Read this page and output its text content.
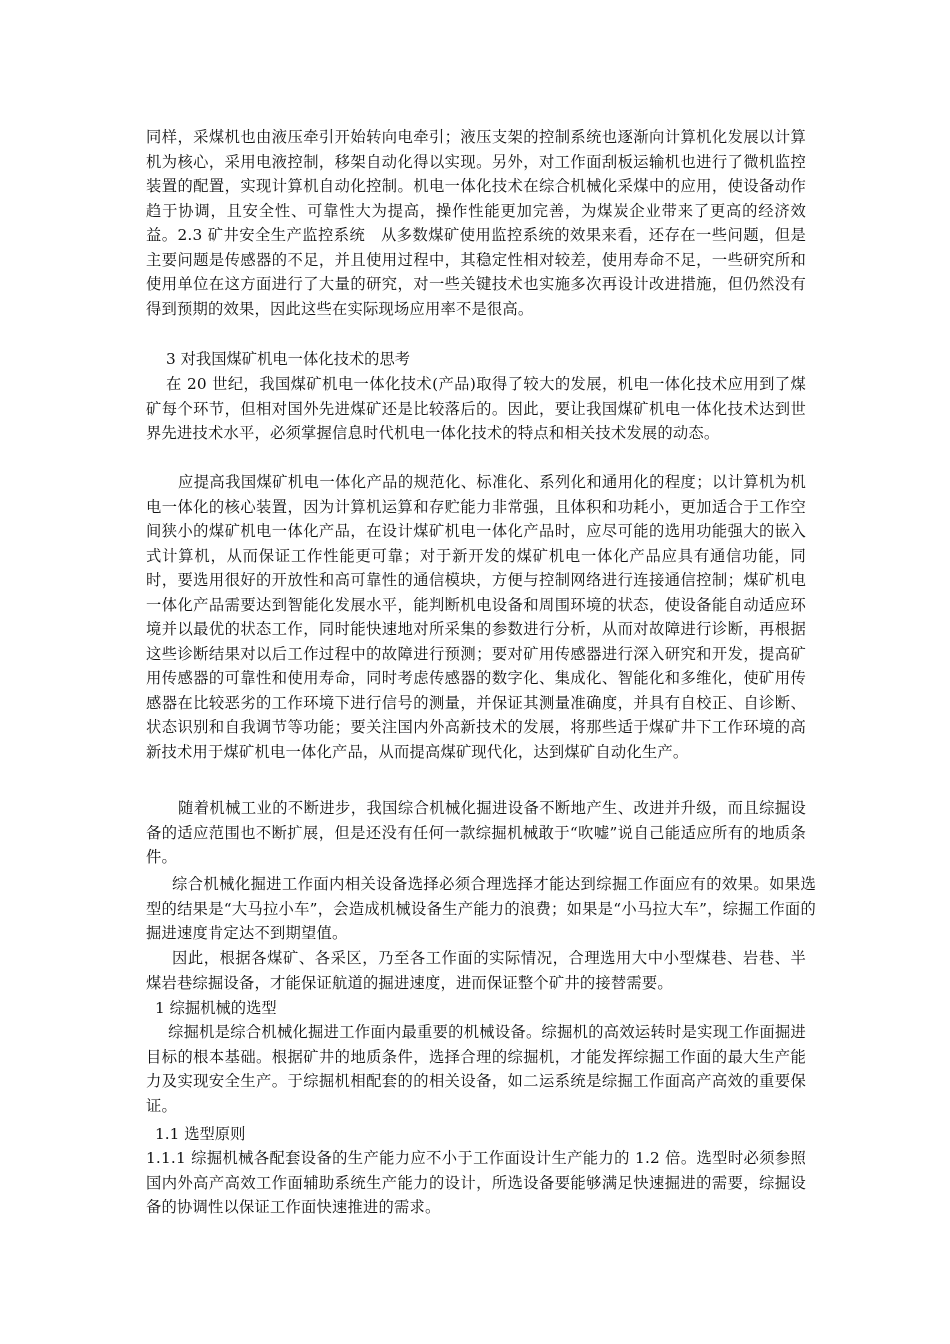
同样，采煤机也由液压牵引开始转向电牵引；液压支架的控制系统也逐渐向计算机化发展以计算机为核心，采用电液控制，移架自动化得以实现。另外，对工作面刮板运输机也进行了微机监控装置的配置，实现计算机自动化控制。机电一体化技术在综合机械化采煤中的应用，使设备动作趋于协调，且安全性、可靠性大为提高，操作性能更加完善，为煤炭企业带来了更高的经济效益。2.3 矿井安全生产监控系统　从多数煤矿使用监控系统的效果来看，还存在一些问题，但是主要问题是传感器的不足，并且使用过程中，其稳定性相对较差，使用寿命不足，一些研究所和使用单位在这方面进行了大量的研究，对一些关键技术也实施多次再设计改进措施，但仍然没有得到预期的效果，因此这些在实际现场应用率不是很高。

3 对我国煤矿机电一体化技术的思考

在 20 世纪，我国煤矿机电一体化技术(产品)取得了较大的发展，机电一体化技术应用到了煤矿每个环节，但相对国外先进煤矿还是比较落后的。因此，要让我国煤矿机电一体化技术达到世界先进技术水平，必须掌握信息时代机电一体化技术的特点和相关技术发展的动态。

应提高我国煤矿机电一体化产品的规范化、标准化、系列化和通用化的程度；以计算机为机电一体化的核心装置，因为计算机运算和存贮能力非常强，且体积和功耗小，更加适合于工作空间狭小的煤矿机电一体化产品，在设计煤矿机电一体化产品时，应尽可能的选用功能强大的嵌入式计算机，从而保证工作性能更可靠；对于新开发的煤矿机电一体化产品应具有通信功能，同时，要选用很好的开放性和高可靠性的通信模块，方便与控制网络进行连接通信控制；煤矿机电一体化产品需要达到智能化发展水平，能判断机电设备和周围环境的状态，使设备能自动适应环境并以最优的状态工作，同时能快速地对所采集的参数进行分析，从而对故障进行诊断，再根据这些诊断结果对以后工作过程中的故障进行预测；要对矿用传感器进行深入研究和开发，提高矿用传感器的可靠性和使用寿命，同时考虑传感器的数字化、集成化、智能化和多维化，使矿用传感器在比较恶劣的工作环境下进行信号的测量，并保证其测量准确度，并具有自校正、自诊断、状态识别和自我调节等功能；要关注国内外高新技术的发展，将那些适于煤矿井下工作环境的高新技术用于煤矿机电一体化产品，从而提高煤矿现代化，达到煤矿自动化生产。

随着机械工业的不断进步，我国综合机械化掘进设备不断地产生、改进并升级，而且综掘设备的适应范围也不断扩展，但是还没有任何一款综掘机械敢于“吹嘘”说自己能适应所有的地质条件。

综合机械化掘进工作面内相关设备选择必须合理选择才能达到综掘工作面应有的效果。如果选型的结果是“大马拉小车”，会造成机械设备生产能力的浪费；如果是“小马拉大车”，综掘工作面的掘进速度肯定达不到期望值。

因此，根据各煤矿、各采区，乃至各工作面的实际情况，合理选用大中小型煤巷、岩巷、半煤岩巷综掘设备，才能保证航道的掘进速度，进而保证整个矿井的接替需要。

1 综掘机械的选型

综掘机是综合机械化掘进工作面内最重要的机械设备。综掘机的高效运转时是实现工作面掘进目标的根本基础。根据矿井的地质条件，选择合理的综掘机，才能发挥综掘工作面的最大生产能力及实现安全生产。于综掘机相配套的的相关设备，如二运系统是综掘工作面高产高效的重要保证。

1.1 选型原则

1.1.1 综掘机械各配套设备的生产能力应不小于工作面设计生产能力的 1.2 倍。选型时必须参照国内外高产高效工作面辅助系统生产能力的设计，所选设备要能够满足快速掘进的需要，综掘设备的协调性以保证工作面快速推进的需求。
